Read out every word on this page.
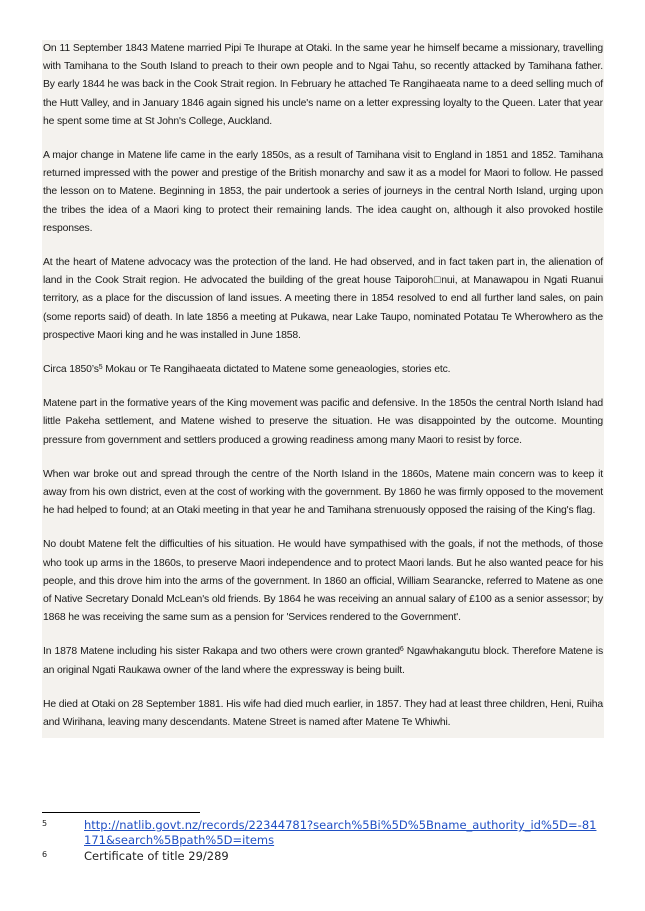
On 11 September 1843 Matene married Pipi Te Ihurape at Otaki. In the same year he himself became a missionary, travelling with Tamihana to the South Island to preach to their own people and to Ngai Tahu, so recently attacked by Tamihana father. By early 1844 he was back in the Cook Strait region. In February he attached Te Rangihaeata name to a deed selling much of the Hutt Valley, and in January 1846 again signed his uncle's name on a letter expressing loyalty to the Queen. Later that year he spent some time at St John's College, Auckland.

A major change in Matene life came in the early 1850s, as a result of Tamihana visit to England in 1851 and 1852. Tamihana returned impressed with the power and prestige of the British monarchy and saw it as a model for Maori to follow. He passed the lesson on to Matene. Beginning in 1853, the pair undertook a series of journeys in the central North Island, urging upon the tribes the idea of a Maori king to protect their remaining lands. The idea caught on, although it also provoked hostile responses.

At the heart of Matene advocacy was the protection of the land. He had observed, and in fact taken part in, the alienation of land in the Cook Strait region. He advocated the building of the great house Taiporoh□nui, at Manawapou in Ngati Ruanui territory, as a place for the discussion of land issues. A meeting there in 1854 resolved to end all further land sales, on pain (some reports said) of death. In late 1856 a meeting at Pukawa, near Lake Taupo, nominated Potatau Te Wherowhero as the prospective Maori king and he was installed in June 1858.

Circa $1850’s^5$ Mokau or Te Rangihaeata dictated to Matene some geneaologies, stories etc.

Matene part in the formative years of the King movement was pacific and defensive. In the 1850s the central North Island had little Pakeha settlement, and Matene wished to preserve the situation. He was disappointed by the outcome. Mounting pressure from government and settlers produced a growing readiness among many Maori to resist by force.

When war broke out and spread through the centre of the North Island in the 1860s, Matene main concern was to keep it away from his own district, even at the cost of working with the government. By 1860 he was firmly opposed to the movement he had helped to found; at an Otaki meeting in that year he and Tamihana strenuously opposed the raising of the King's flag.

No doubt Matene felt the difficulties of his situation. He would have sympathised with the goals, if not the methods, of those who took up arms in the 1860s, to preserve Maori independence and to protect Maori lands. But he also wanted peace for his people, and this drove him into the arms of the government. In 1860 an official, William Searancke, referred to Matene as one of Native Secretary Donald McLean's old friends. By 1864 he was receiving an annual salary of £100 as a senior assessor; by 1868 he was receiving the same sum as a pension for 'Services rendered to the Government'.

In 1878 Matene including his sister Rakapa and two others were crown granted$^6$ Ngawhakangutu block. Therefore Matene is an original Ngati Raukawa owner of the land where the expressway is being built.

He died at Otaki on 28 September 1881. His wife had died much earlier, in 1857. They had at least three children, Heni, Ruiha and Wirihana, leaving many descendants. Matene Street is named after Matene Te Whiwhi.

5	http://natlib.govt.nz/records/22344781?search%5Bi%5D%5Bname_authority_id%5D=-81171&search%5Bpath%5D=items
6	Certificate of title 29/289
